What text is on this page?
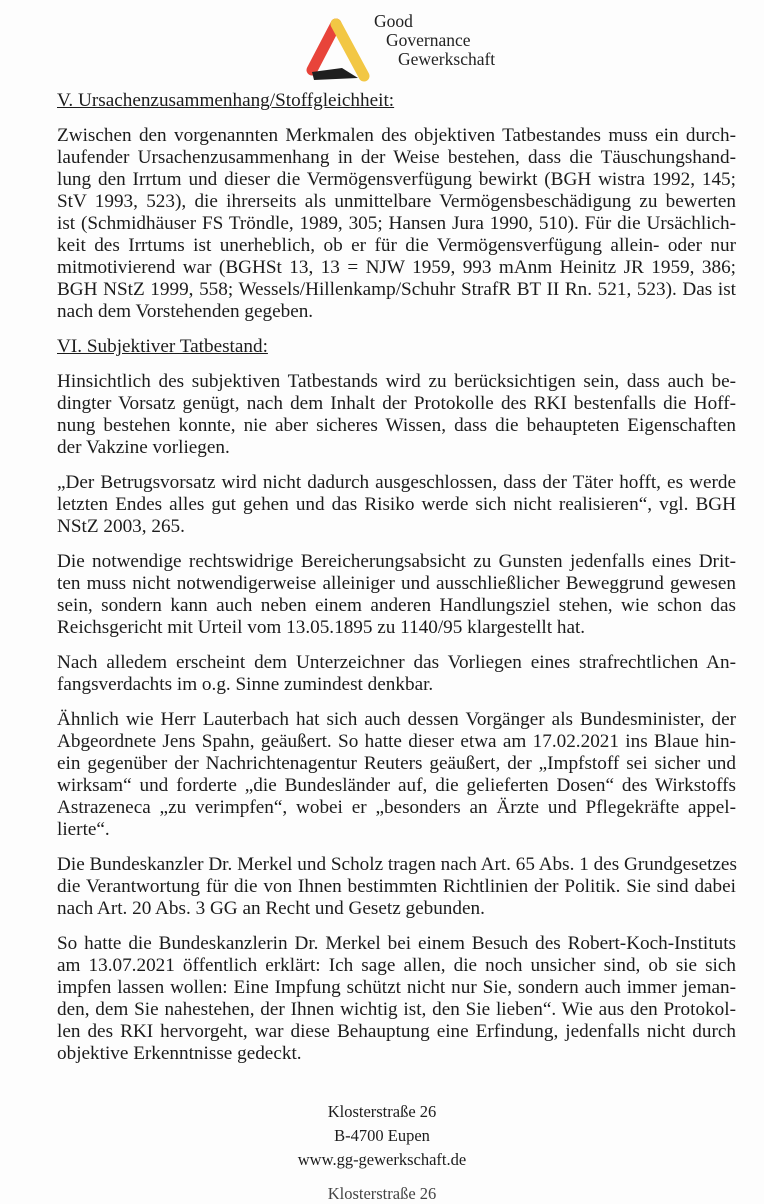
Good
Governance
Gewerkschaft
V. Ursachenzusammenhang/Stoffgleichheit:
Zwischen den vorgenannten Merkmalen des objektiven Tatbestandes muss ein durch-
laufender Ursachenzusammenhang in der Weise bestehen, dass die Täuschungshand-
lung den Irrtum und dieser die Vermögensverfügung bewirkt (BGH wistra 1992, 145;
StV 1993, 523), die ihrerseits als unmittelbare Vermögensbeschädigung zu bewerten
ist (Schmidhäuser FS Tröndle, 1989, 305; Hansen Jura 1990, 510). Für die Ursächlich-
keit des Irrtums ist unerheblich, ob er für die Vermögensverfügung allein- oder nur
mitmotivierend war (BGHSt 13, 13 = NJW 1959, 993 mAnm Heinitz JR 1959, 386;
BGH NStZ 1999, 558; Wessels/Hillenkamp/Schuhr StrafR BT II Rn. 521, 523). Das ist
nach dem Vorstehenden gegeben.
VI. Subjektiver Tatbestand:
Hinsichtlich des subjektiven Tatbestands wird zu berücksichtigen sein, dass auch be-
dingter Vorsatz genügt, nach dem Inhalt der Protokolle des RKI bestenfalls die Hoff-
nung bestehen konnte, nie aber sicheres Wissen, dass die behaupteten Eigenschaften
der Vakzine vorliegen.
„Der Betrugsvorsatz wird nicht dadurch ausgeschlossen, dass der Täter hofft, es werde
letzten Endes alles gut gehen und das Risiko werde sich nicht realisieren“, vgl. BGH
NStZ 2003, 265.
Die notwendige rechtswidrige Bereicherungsabsicht zu Gunsten jedenfalls eines Drit-
ten muss nicht notwendigerweise alleiniger und ausschließlicher Beweggrund gewesen
sein, sondern kann auch neben einem anderen Handlungsziel stehen, wie schon das
Reichsgericht mit Urteil vom 13.05.1895 zu 1140/95 klargestellt hat.
Nach alledem erscheint dem Unterzeichner das Vorliegen eines strafrechtlichen An-
fangsverdachts im o.g. Sinne zumindest denkbar.
Ähnlich wie Herr Lauterbach hat sich auch dessen Vorgänger als Bundesminister, der
Abgeordnete Jens Spahn, geäußert. So hatte dieser etwa am 17.02.2021 ins Blaue hin-
ein gegenüber der Nachrichtenagentur Reuters geäußert, der „Impfstoff sei sicher und
wirksam“ und forderte „die Bundesländer auf, die gelieferten Dosen“ des Wirkstoffs
Astrazeneca „zu verimpfen“, wobei er „besonders an Ärzte und Pflegekräfte appel-
lierte“.
Die Bundeskanzler Dr. Merkel und Scholz tragen nach Art. 65 Abs. 1 des Grundgesetzes
die Verantwortung für die von Ihnen bestimmten Richtlinien der Politik. Sie sind dabei
nach Art. 20 Abs. 3 GG an Recht und Gesetz gebunden.
So hatte die Bundeskanzlerin Dr. Merkel bei einem Besuch des Robert-Koch-Instituts
am 13.07.2021 öffentlich erklärt: Ich sage allen, die noch unsicher sind, ob sie sich
impfen lassen wollen: Eine Impfung schützt nicht nur Sie, sondern auch immer jeman-
den, dem Sie nahestehen, der Ihnen wichtig ist, den Sie lieben“. Wie aus den Protokol-
len des RKI hervorgeht, war diese Behauptung eine Erfindung, jedenfalls nicht durch
objektive Erkenntnisse gedeckt.
Klosterstraße 26
B-4700 Eupen
www.gg-gewerkschaft.de
Klosterstraße 26
